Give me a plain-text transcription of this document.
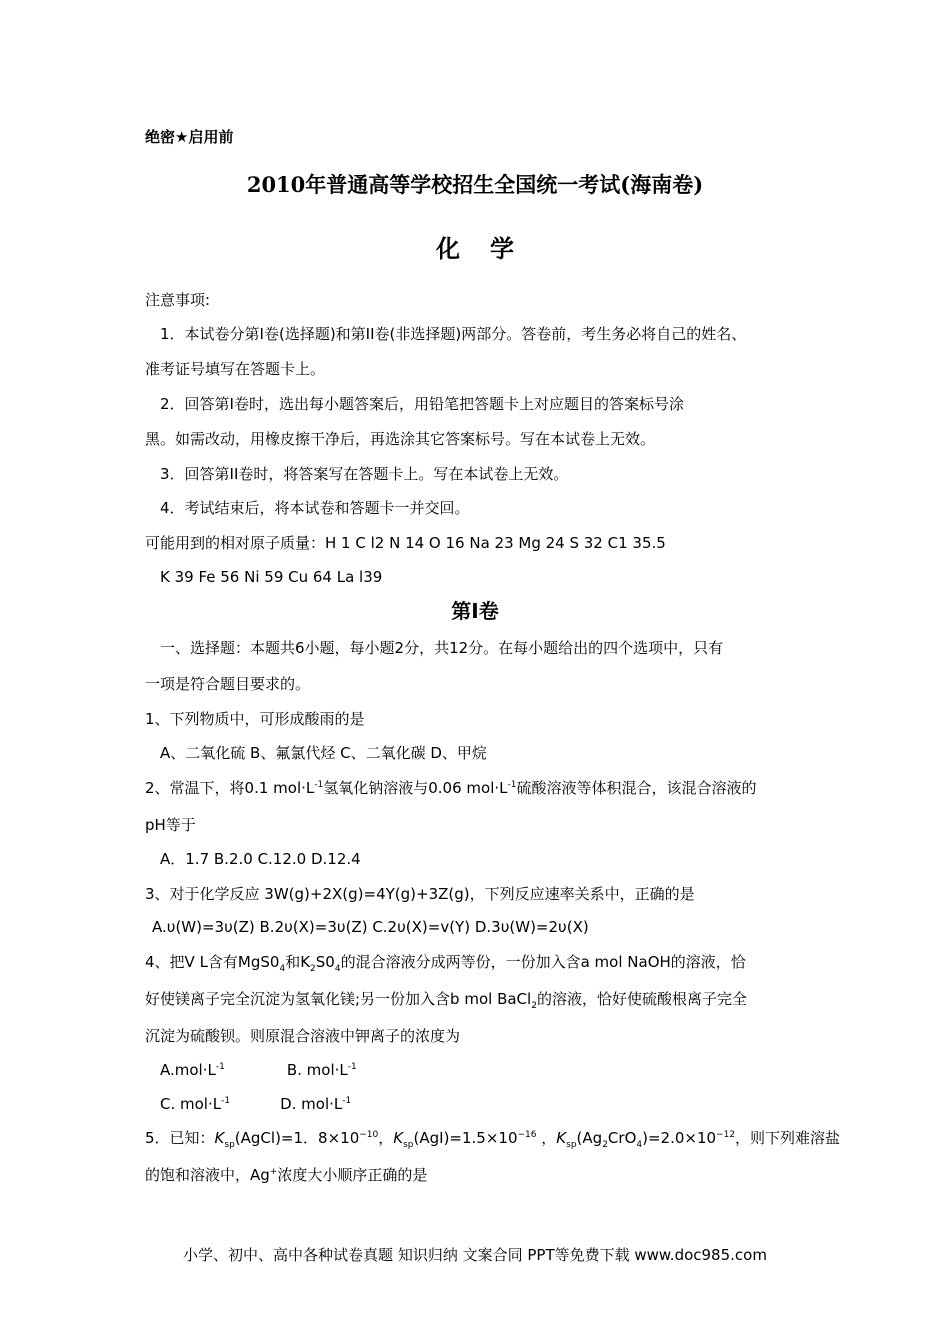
绝密★启用前
2010年普通高等学校招生全国统一考试(海南卷)
化学
注意事项:
1．本试卷分第I卷(选择题)和第II卷(非选择题)两部分。答卷前，考生务必将自己的姓名、
准考证号填写在答题卡上。
2．回答第Ⅰ卷时，选出每小题答案后，用铅笔把答题卡上对应题目的答案标号涂
黑。如需改动，用橡皮擦干净后，再选涂其它答案标号。写在本试卷上无效。
3．回答第II卷时，将答案写在答题卡上。写在本试卷上无效。
4．考试结束后，将本试卷和答题卡一并交回。
可能用到的相对原子质量：H 1 C l2 N 14 O 16 Na 23 Mg 24 S 32 C1 35.5
K 39 Fe 56 Ni 59 Cu 64 La l39
第I卷
一、选择题：本题共6小题，每小题2分，共12分。在每小题给出的四个选项中，只有
一项是符合题目要求的。
1、下列物质中，可形成酸雨的是
A、二氧化硫 B、氟氯代烃 C、二氧化碳 D、甲烷
2、常温下，将0.1 $mol\cdot L^{-1}$氢氧化钠溶液与0.06 $mol\cdot L^{-1}$硫酸溶液等体积混合，该混合溶液的
pH等于
A．1.7 B.2.0 C.12.0 D.12.4
3、对于化学反应 3W(g)+2X(g)=4Y(g)+3Z(g)，下列反应速率关系中，正确的是
A.υ(W)=3υ(Z) B.2υ(X)=3υ(Z) C.2υ(X)=v(Y) D.3υ(W)=2υ(X)
4、把V L含有$MgS0_4$和$K_2S0_4$的混合溶液分成两等份，一份加入含a mol NaOH的溶液，恰
好使镁离子完全沉淀为氢氧化镁;另一份加入含b mol BaCl$_2$的溶液，恰好使硫酸根离子完全
沉淀为硫酸钡。则原混合溶液中钾离子的浓度为
$A.mol\cdot L^{-1}$	B. $mol\cdot L^{-1}$
C. $mol\cdot L^{-1}$	D. $mol\cdot L^{-1}$
5．已知：$K_{sp}(AgCl)=1$．$8\times 10^{-10}$，$K_{sp}(AgI)=1.5\times 10^{-16}$ ，$K_{sp}(Ag_2CrO_4)=2.0\times 10^{-12}$，则下列难溶盐
的饱和溶液中，Ag+浓度大小顺序正确的是
小学、初中、高中各种试卷真题 知识归纳 文案合同 PPT等免费下载 www.doc985.com
